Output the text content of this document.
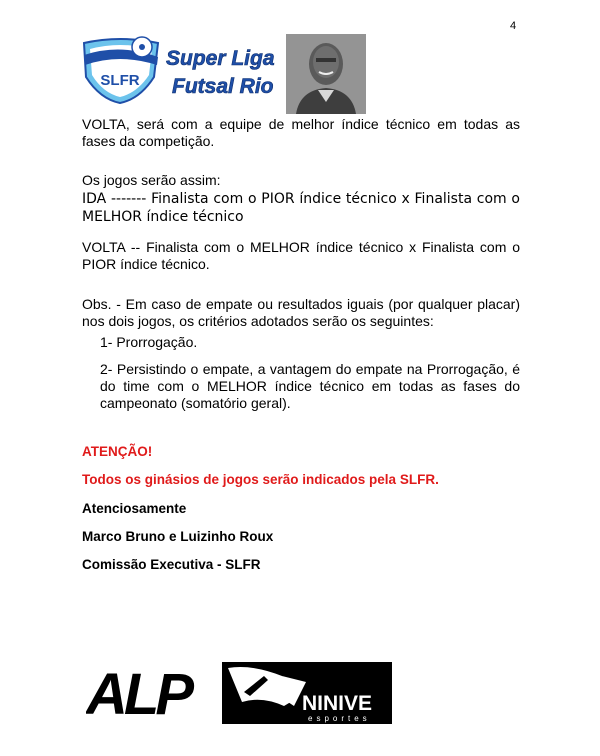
4
SLFR
Super Liga
Futsal Rio
VOLTA, será com a equipe de melhor índice técnico em todas as fases da competição.
Os jogos serão assim:
IDA ------- Finalista com o PIOR índice técnico x Finalista com o MELHOR índice técnico
VOLTA -- Finalista com o MELHOR índice técnico x Finalista com o PIOR índice técnico.
Obs. - Em caso de empate ou resultados iguais (por qualquer placar) nos dois jogos, os critérios adotados serão os seguintes:
1- Prorrogação.
2- Persistindo o empate, a vantagem do empate na Prorrogação, é do time com o MELHOR índice técnico em todas as fases do campeonato (somatório geral).
ATENÇÃO!
Todos os ginásios de jogos serão indicados pela SLFR.
Atenciosamente
Marco Bruno e Luizinho Roux
Comissão Executiva - SLFR
ALP	NINIVE
esportes
